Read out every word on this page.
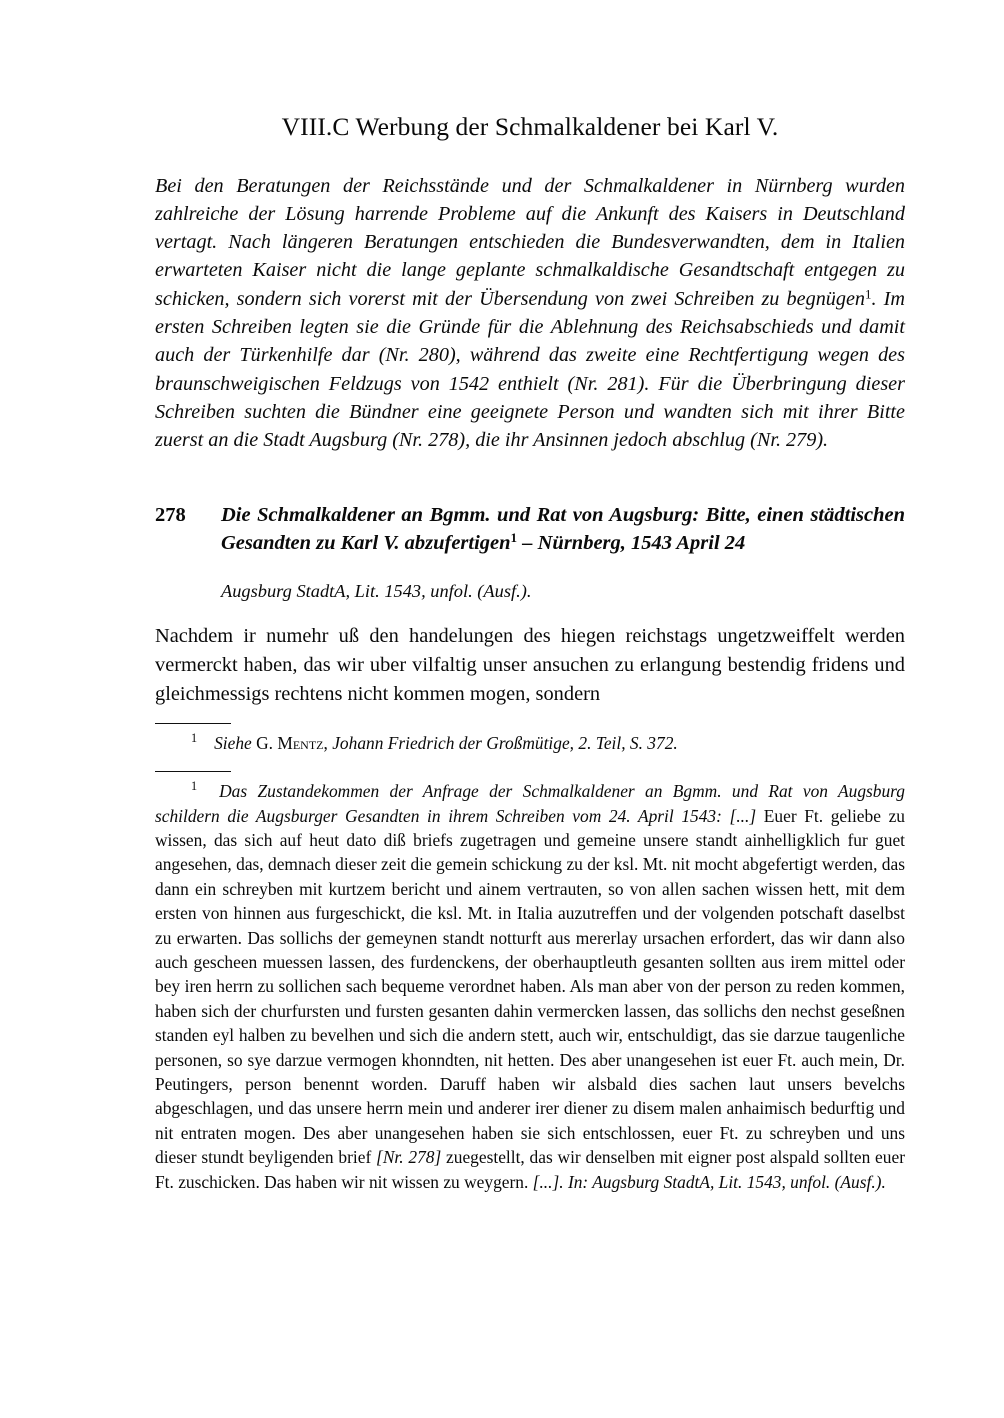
VIII.C Werbung der Schmalkaldener bei Karl V.

Bei den Beratungen der Reichsstände und der Schmalkaldener in Nürnberg wurden zahlreiche der Lösung harrende Probleme auf die Ankunft des Kaisers in Deutschland vertagt. Nach längeren Beratungen entschieden die Bundesverwandten, dem in Italien erwarteten Kaiser nicht die lange geplante schmalkaldische Gesandtschaft entgegen zu schicken, sondern sich vorerst mit der Übersendung von zwei Schreiben zu begnügen$^1$. Im ersten Schreiben legten sie die Gründe für die Ablehnung des Reichsabschieds und damit auch der Türkenhilfe dar (Nr. 280), während das zweite eine Rechtfertigung wegen des braunschweigischen Feldzugs von 1542 enthielt (Nr. 281). Für die Überbringung dieser Schreiben suchten die Bündner eine geeignete Person und wandten sich mit ihrer Bitte zuerst an die Stadt Augsburg (Nr. 278), die ihr Ansinnen jedoch abschlug (Nr. 279).

278	Die Schmalkaldener an Bgmm. und Rat von Augsburg: Bitte, einen städtischen Gesandten zu Karl V. abzufertigen$^1$ – Nürnberg, 1543 April 24

Augsburg StadtA, Lit. 1543, unfol. (Ausf.).

Nachdem ir numehr uß den handelungen des hiegen reichstags ungetzweiffelt werden vermerckt haben, das wir uber vilfaltig unser ansuchen zu erlangung bestendig fridens und gleichmessigs rechtens nicht kommen mogen, sondern

$^1$ Siehe G. Mentz, Johann Friedrich der Großmütige, 2. Teil, S. 372.

$^1$ Das Zustandekommen der Anfrage der Schmalkaldener an Bgmm. und Rat von Augsburg schildern die Augsburger Gesandten in ihrem Schreiben vom 24. April 1543: [...] Euer Ft. geliebe zu wissen, das sich auf heut dato diß briefs zugetragen und gemeine unsere standt ainhelligklich fur guet angesehen, das, demnach dieser zeit die gemein schickung zu der ksl. Mt. nit mocht abgefertigt werden, das dann ein schreyben mit kurtzem bericht und ainem vertrauten, so von allen sachen wissen hett, mit dem ersten von hinnen aus furgeschickt, die ksl. Mt. in Italia auzutreffen und der volgenden potschaft daselbst zu erwarten. Das sollichs der gemeynen standt notturft aus mererlay ursachen erfordert, das wir dann also auch gescheen muessen lassen, des furdenckens, der oberhauptleuth gesanten sollten aus irem mittel oder bey iren herrn zu sollichen sach bequeme verordnet haben. Als man aber von der person zu reden kommen, haben sich der churfursten und fursten gesanten dahin vermercken lassen, das sollichs den nechst geseßnen standen eyl halben zu bevelhen und sich die andern stett, auch wir, entschuldigt, das sie darzue taugenliche personen, so sye darzue vermogen khonndten, nit hetten. Des aber unangesehen ist euer Ft. auch mein, Dr. Peutingers, person benennt worden. Daruff haben wir alsbald dies sachen laut unsers bevelchs abgeschlagen, und das unsere herrn mein und anderer irer diener zu disem malen anhaimisch bedurftig und nit entraten mogen. Des aber unangesehen haben sie sich entschlossen, euer Ft. zu schreyben und uns dieser stundt beyligenden brief [Nr. 278] zuegestellt, das wir denselben mit eigner post alspald sollten euer Ft. zuschicken. Das haben wir nit wissen zu weygern. [...]. In: Augsburg StadtA, Lit. 1543, unfol. (Ausf.).
